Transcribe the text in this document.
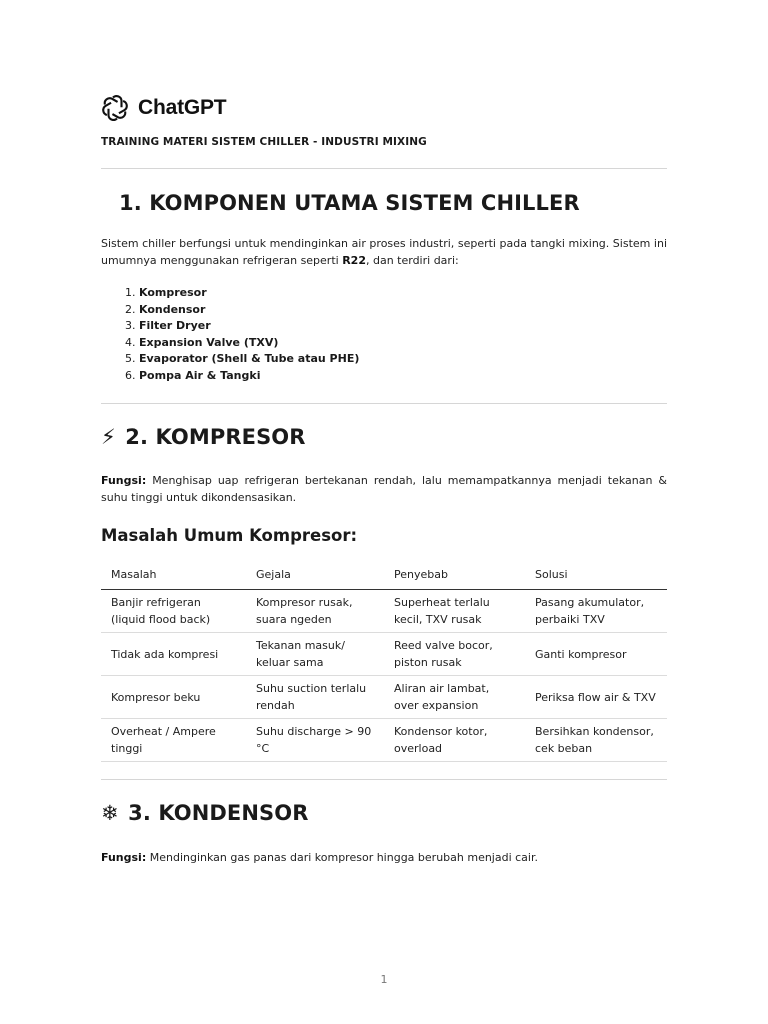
ChatGPT
TRAINING MATERI SISTEM CHILLER - INDUSTRI MIXING
1. KOMPONEN UTAMA SISTEM CHILLER
Sistem chiller berfungsi untuk mendinginkan air proses industri, seperti pada tangki mixing. Sistem ini umumnya menggunakan refrigeran seperti R22, dan terdiri dari:
1. Kompresor
2. Kondensor
3. Filter Dryer
4. Expansion Valve (TXV)
5. Evaporator (Shell & Tube atau PHE)
6. Pompa Air & Tangki
⚡ 2. KOMPRESOR
Fungsi: Menghisap uap refrigeran bertekanan rendah, lalu memampatkannya menjadi tekanan & suhu tinggi untuk dikondensasikan.
Masalah Umum Kompresor:
Masalah	Gejala	Penyebab	Solusi
Banjir refrigeran (liquid flood back)	Kompresor rusak, suara ngeden	Superheat terlalu kecil, TXV rusak	Pasang akumulator, perbaiki TXV
Tidak ada kompresi	Tekanan masuk/ keluar sama	Reed valve bocor, piston rusak	Ganti kompresor
Kompresor beku	Suhu suction terlalu rendah	Aliran air lambat, over expansion	Periksa flow air & TXV
Overheat / Ampere tinggi	Suhu discharge > 90 °C	Kondensor kotor, overload	Bersihkan kondensor, cek beban
❄ 3. KONDENSOR
Fungsi: Mendinginkan gas panas dari kompresor hingga berubah menjadi cair.
1
